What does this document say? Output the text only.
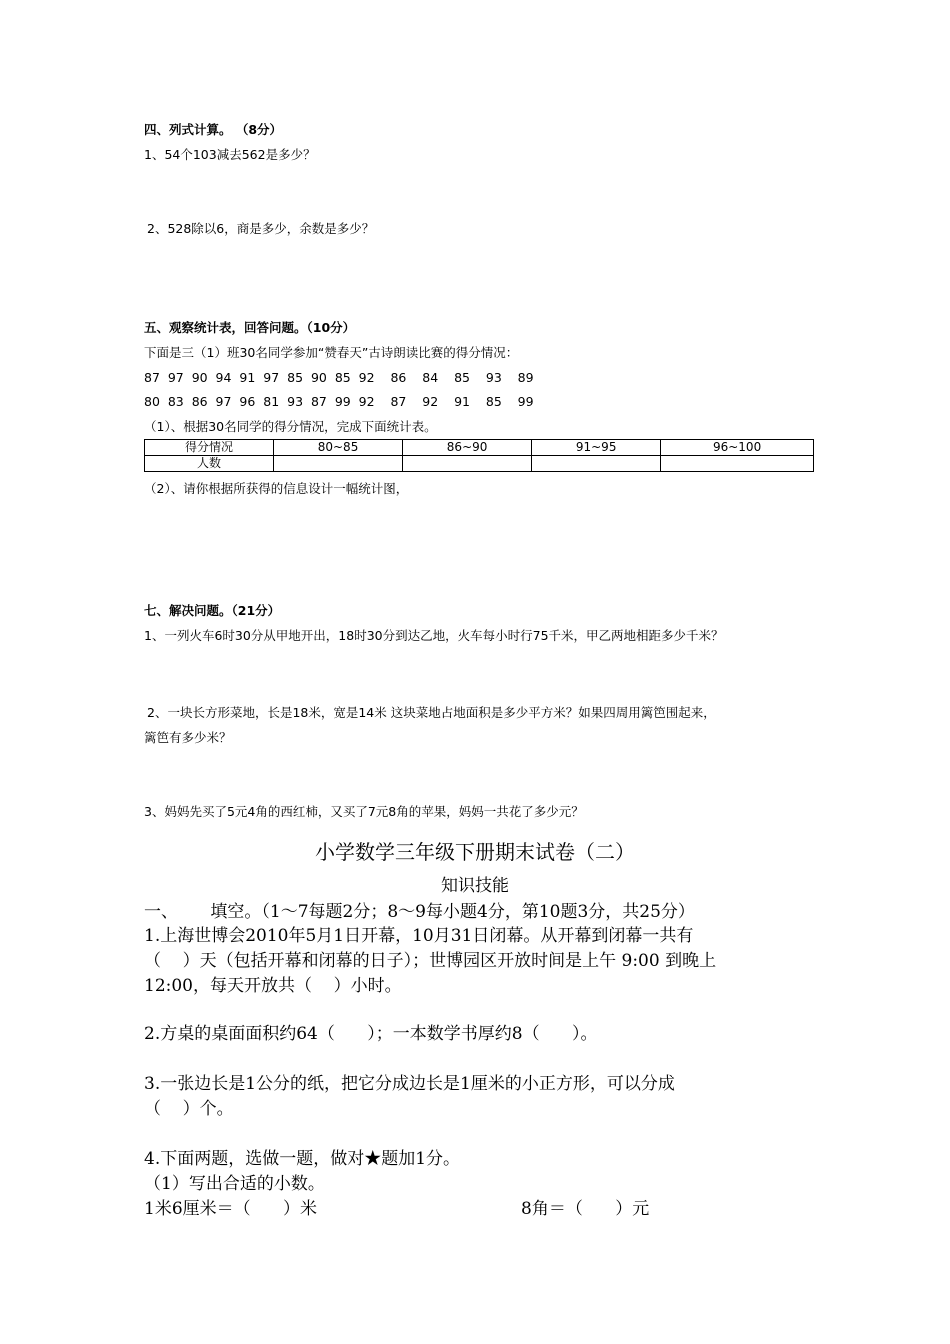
四、列式计算。 （8分）
1、54个103减去562是多少？
2、528除以6，商是多少，余数是多少？
五、观察统计表，回答问题。（10分）
下面是三（1）班30名同学参加“赞春天”古诗朗读比赛的得分情况：
87  97  90  94  91  97  85  90  85  92    86    84    85    93    89
80  83  86  97  96  81  93  87  99  92    87    92    91    85    99
（1）、根据30名同学的得分情况，完成下面统计表。
得分情况	80~85	86~90	91~95	96~100
人数				
（2）、请你根据所获得的信息设计一幅统计图，
七、解决问题。（21分）
1、一列火车6时30分从甲地开出，18时30分到达乙地，火车每小时行75千米，甲乙两地相距多少千米？
2、一块长方形菜地，长是18米，宽是14米 这块菜地占地面积是多少平方米？如果四周用篱笆围起来，
篱笆有多少米？
3、妈妈先买了5元4角的西红柿，又买了7元8角的苹果，妈妈一共花了多少元？
小学数学三年级下册期末试卷（二）
知识技能
一、      填空。（1～7每题2分；8～9每小题4分，第10题3分，共25分）
1.上海世博会2010年5月1日开幕，10月31日闭幕。从开幕到闭幕一共有
（    ）天（包括开幕和闭幕的日子）；世博园区开放时间是上午 9:00 到晚上
12:00，每天开放共（    ）小时。
2.方桌的桌面面积约64（      ）；一本数学书厚约8（      ）。
3.一张边长是1公分的纸，把它分成边长是1厘米的小正方形，可以分成
（    ）个。
4.下面两题，选做一题，做对★题加1分。
（1）写出合适的小数。
1米6厘米＝（      ）米	8角＝（      ）元
